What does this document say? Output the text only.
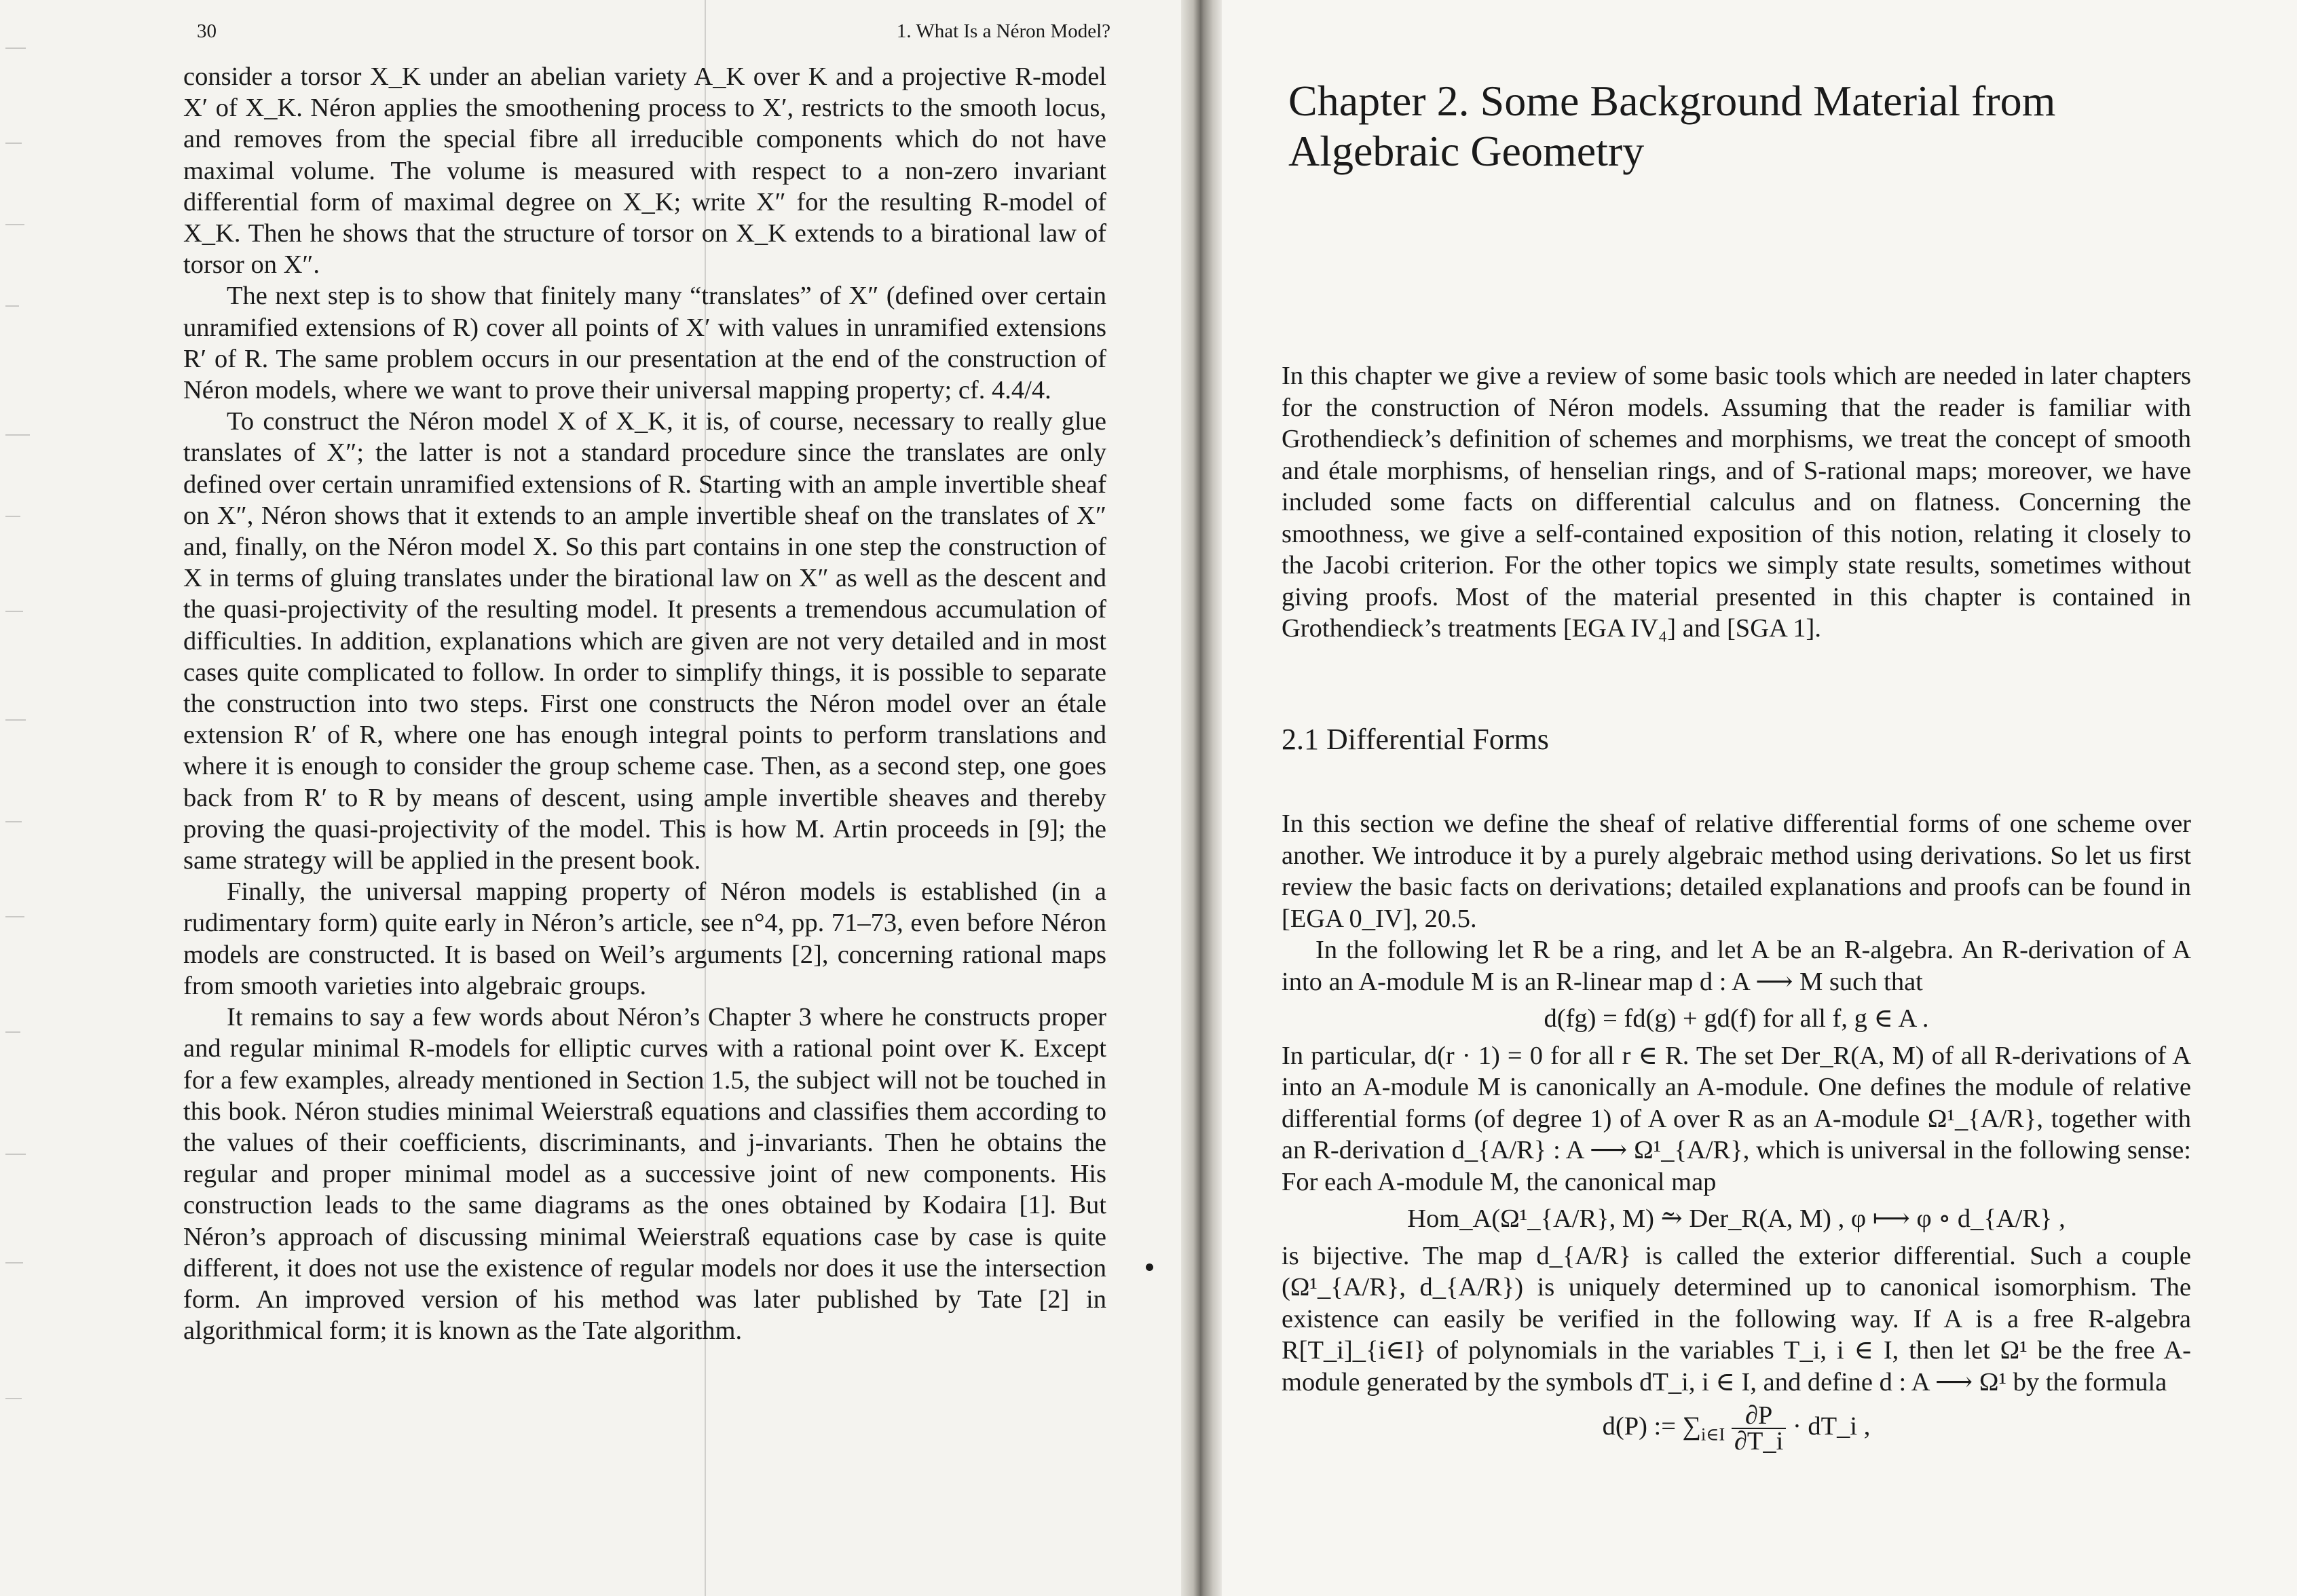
30	1. What Is a Néron Model?

consider a torsor X_K under an abelian variety A_K over K and a projective R-model X′ of X_K. Néron applies the smoothening process to X′, restricts to the smooth locus, and removes from the special fibre all irreducible components which do not have maximal volume. The volume is measured with respect to a non-zero invariant differential form of maximal degree on X_K; write X″ for the resulting R-model of X_K. Then he shows that the structure of torsor on X_K extends to a birational law of torsor on X″.

The next step is to show that finitely many “translates” of X″ (defined over certain unramified extensions of R) cover all points of X′ with values in unramified extensions R′ of R. The same problem occurs in our presentation at the end of the construction of Néron models, where we want to prove their universal mapping property; cf. 4.4/4.

To construct the Néron model X of X_K, it is, of course, necessary to really glue translates of X″; the latter is not a standard procedure since the translates are only defined over certain unramified extensions of R. Starting with an ample invertible sheaf on X″, Néron shows that it extends to an ample invertible sheaf on the translates of X″ and, finally, on the Néron model X. So this part contains in one step the construction of X in terms of gluing translates under the birational law on X″ as well as the descent and the quasi-projectivity of the resulting model. It presents a tremendous accumulation of difficulties. In addition, explanations which are given are not very detailed and in most cases quite complicated to follow. In order to simplify things, it is possible to separate the construction into two steps. First one constructs the Néron model over an étale extension R′ of R, where one has enough integral points to perform translations and where it is enough to consider the group scheme case. Then, as a second step, one goes back from R′ to R by means of descent, using ample invertible sheaves and thereby proving the quasi-projectivity of the model. This is how M. Artin proceeds in [9]; the same strategy will be applied in the present book.

Finally, the universal mapping property of Néron models is established (in a rudimentary form) quite early in Néron’s article, see n°4, pp. 71–73, even before Néron models are constructed. It is based on Weil’s arguments [2], concerning rational maps from smooth varieties into algebraic groups.

It remains to say a few words about Néron’s Chapter 3 where he constructs proper and regular minimal R-models for elliptic curves with a rational point over K. Except for a few examples, already mentioned in Section 1.5, the subject will not be touched in this book. Néron studies minimal Weierstraß equations and classifies them according to the values of their coefficients, discriminants, and j-invariants. Then he obtains the regular and proper minimal model as a successive joint of new components. His construction leads to the same diagrams as the ones obtained by Kodaira [1]. But Néron’s approach of discussing minimal Weierstraß equations case by case is quite different, it does not use the existence of regular models nor does it use the intersection form. An improved version of his method was later published by Tate [2] in algorithmical form; it is known as the Tate algorithm.

Chapter 2. Some Background Material from Algebraic Geometry

In this chapter we give a review of some basic tools which are needed in later chapters for the construction of Néron models. Assuming that the reader is familiar with Grothendieck’s definition of schemes and morphisms, we treat the concept of smooth and étale morphisms, of henselian rings, and of S-rational maps; moreover, we have included some facts on differential calculus and on flatness. Concerning the smoothness, we give a self-contained exposition of this notion, relating it closely to the Jacobi criterion. For the other topics we simply state results, sometimes without giving proofs. Most of the material presented in this chapter is contained in Grothendieck’s treatments [EGA IV₄] and [SGA 1].

2.1 Differential Forms

In this section we define the sheaf of relative differential forms of one scheme over another. We introduce it by a purely algebraic method using derivations. So let us first review the basic facts on derivations; detailed explanations and proofs can be found in [EGA 0_IV], 20.5.

In the following let R be a ring, and let A be an R-algebra. An R-derivation of A into an A-module M is an R-linear map d : A ⟶ M such that

d(fg) = fd(g) + gd(f) for all f, g ∈ A .

In particular, d(r · 1) = 0 for all r ∈ R. The set Der_R(A, M) of all R-derivations of A into an A-module M is canonically an A-module. One defines the module of relative differential forms (of degree 1) of A over R as an A-module Ω¹_{A/R}, together with an R-derivation d_{A/R} : A ⟶ Ω¹_{A/R}, which is universal in the following sense: For each A-module M, the canonical map

Hom_A(Ω¹_{A/R}, M) ⥲ Der_R(A, M) , φ ⟼ φ ∘ d_{A/R} ,

is bijective. The map d_{A/R} is called the exterior differential. Such a couple (Ω¹_{A/R}, d_{A/R}) is uniquely determined up to canonical isomorphism. The existence can easily be verified in the following way. If A is a free R-algebra R[T_i]_{i∈I} of polynomials in the variables T_i, i ∈ I, then let Ω¹ be the free A-module generated by the symbols dT_i, i ∈ I, and define d : A ⟶ Ω¹ by the formula

d(P) := $\sum_{i\in I} \frac{\partial P}{\partial T\_i}$ · dT_i ,
